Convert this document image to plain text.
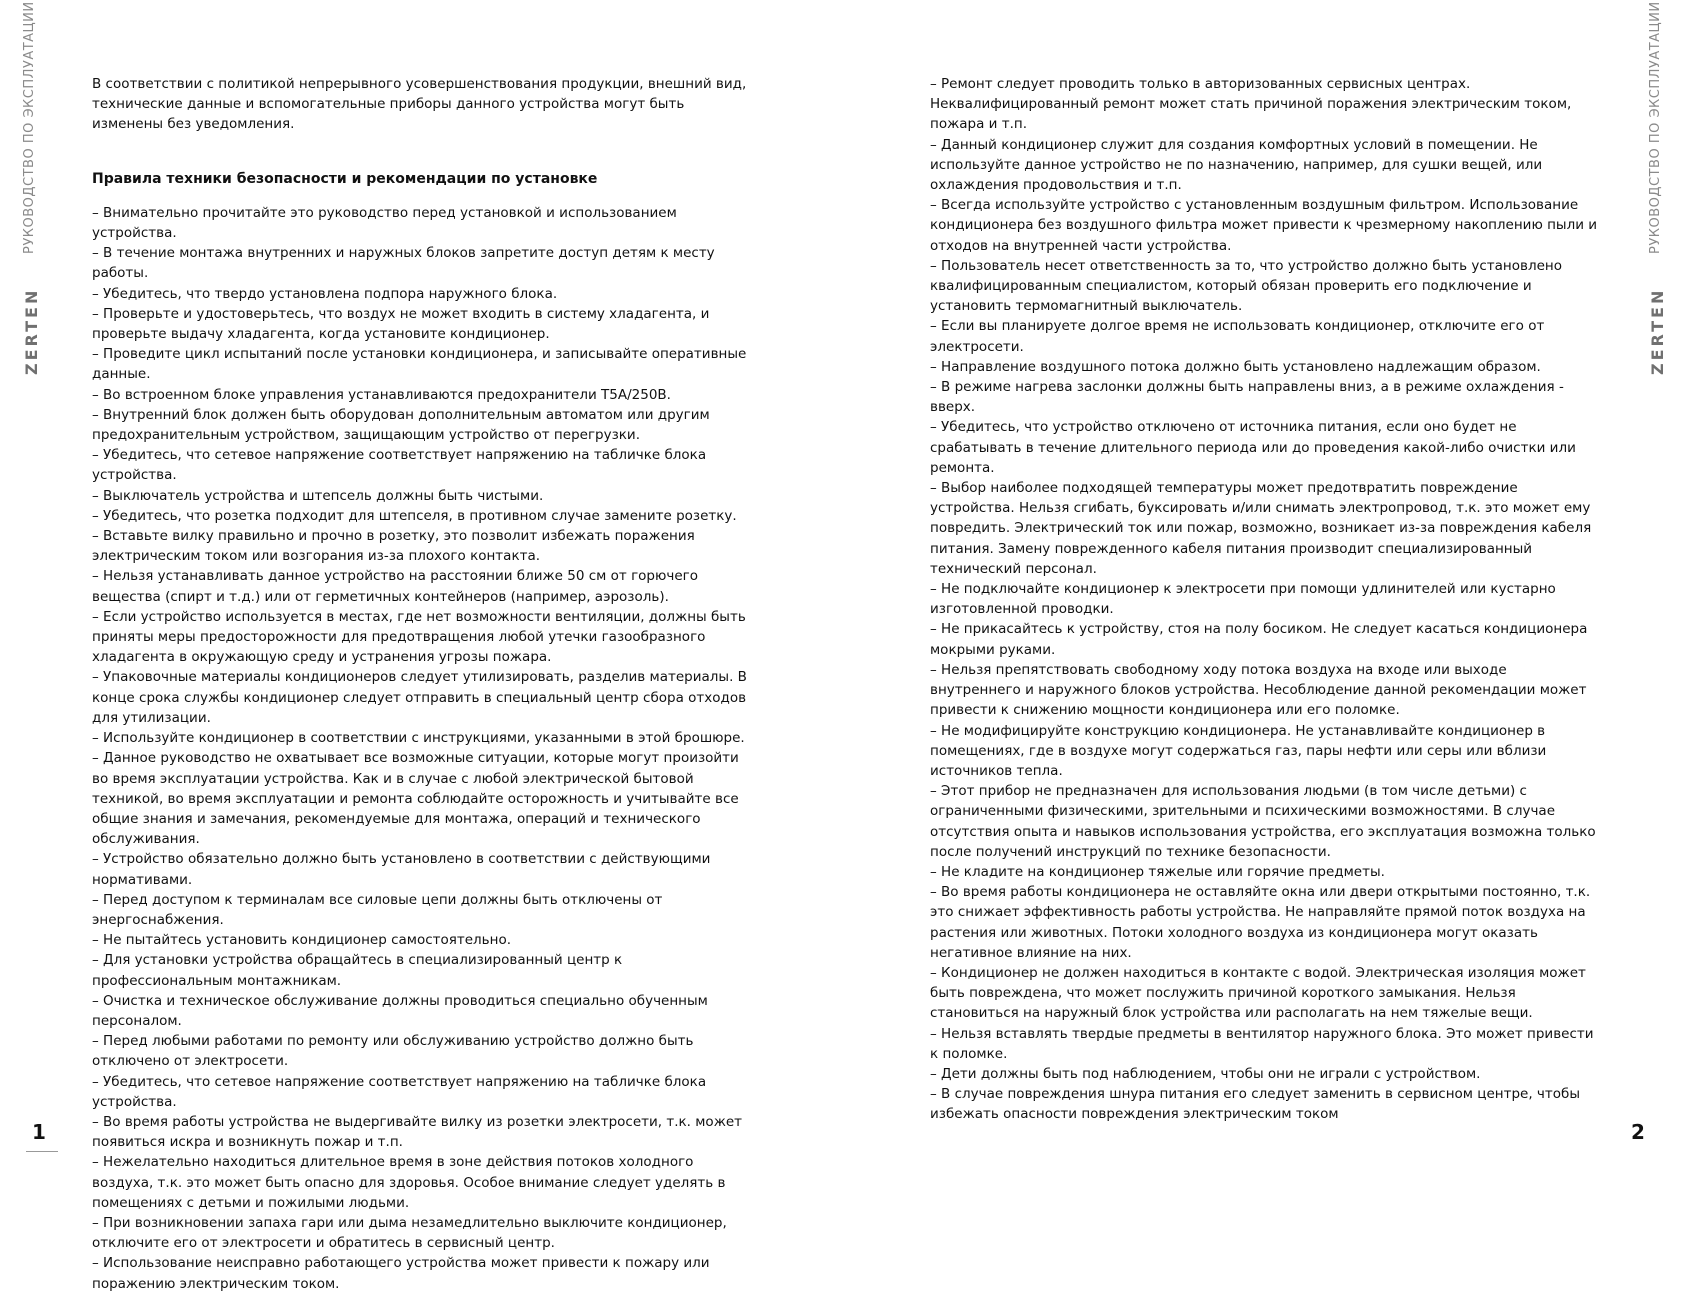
РУКОВОДСТВО ПО ЭКСПЛУАТАЦИИ
ZERTEN
РУКОВОДСТВО ПО ЭКСПЛУАТАЦИИ
ZERTEN

В соответствии с политикой непрерывного усовершенствования продукции, внешний вид, технические данные и вспомогательные приборы данного устройства могут быть изменены без уведомления.

Правила техники безопасности и рекомендации по установке

– Внимательно прочитайте это руководство перед установкой и использованием устройства.

– В течение монтажа внутренних и наружных блоков запретите доступ детям к месту работы.

– Убедитесь, что твердо установлена подпора наружного блока.

– Проверьте и удостоверьтесь, что воздух не может входить в систему хладагента, и проверьте выдачу хладагента, когда установите кондиционер.

– Проведите цикл испытаний после установки кондиционера, и записывайте оперативные данные.

– Во встроенном блоке управления устанавливаются предохранители T5A/250В.

– Внутренний блок должен быть оборудован дополнительным автоматом или другим предохранительным устройством, защищающим устройство от перегрузки.

– Убедитесь, что сетевое напряжение соответствует напряжению на табличке блока устройства.

– Выключатель устройства и штепсель должны быть чистыми.

– Убедитесь, что розетка подходит для штепселя, в противном случае замените розетку.

– Вставьте вилку правильно и прочно в розетку, это позволит избежать поражения электрическим током или возгорания из-за плохого контакта.

– Нельзя устанавливать данное устройство на расстоянии ближе 50 см от горючего вещества (спирт и т.д.) или от герметичных контейнеров (например, аэрозоль).

– Если устройство используется в местах, где нет возможности вентиляции, должны быть приняты меры предосторожности для предотвращения любой утечки газообразного хладагента в окружающую среду и устранения угрозы пожара.

– Упаковочные материалы кондиционеров следует утилизировать, разделив материалы. В конце срока службы кондиционер следует отправить в специальный центр сбора отходов для утилизации.

– Используйте кондиционер в соответствии с инструкциями, указанными в этой брошюре.

– Данное руководство не охватывает все возможные ситуации, которые могут произойти во время эксплуатации устройства. Как и в случае с любой электрической бытовой техникой, во время эксплуатации и ремонта соблюдайте осторожность и учитывайте все общие знания и замечания, рекомендуемые для монтажа, операций и технического обслуживания.

– Устройство обязательно должно быть установлено в соответствии с действующими нормативами.

– Перед доступом к терминалам все силовые цепи должны быть отключены от энергоснабжения.

– Не пытайтесь установить кондиционер самостоятельно.

– Для установки устройства обращайтесь в специализированный центр к профессиональным монтажникам.

– Очистка и техническое обслуживание должны проводиться специально обученным персоналом.

– Перед любыми работами по ремонту или обслуживанию устройство должно быть отключено от электросети.

– Убедитесь, что сетевое напряжение соответствует напряжению на табличке блока устройства.

– Во время работы устройства не выдергивайте вилку из розетки электросети, т.к. может появиться искра и возникнуть пожар и т.п.

– Нежелательно находиться длительное время в зоне действия потоков холодного воздуха, т.к. это может быть опасно для здоровья. Особое внимание следует уделять в помещениях с детьми и пожилыми людьми.

– При возникновении запаха гари или дыма незамедлительно выключите кондиционер, отключите его от электросети и обратитесь в сервисный центр.

– Использование неисправно работающего устройства может привести к пожару или поражению электрическим током.

– Ремонт следует проводить только в авторизованных сервисных центрах. Неквалифицированный ремонт может стать причиной поражения электрическим током, пожара и т.п.

– Данный кондиционер служит для создания комфортных условий в помещении. Не используйте данное устройство не по назначению, например, для сушки вещей, или охлаждения продовольствия и т.п.

– Всегда используйте устройство с установленным воздушным фильтром. Использование кондиционера без воздушного фильтра может привести к чрезмерному накоплению пыли и отходов на внутренней части устройства.

– Пользователь несет ответственность за то, что устройство должно быть установлено квалифицированным специалистом, который обязан проверить его подключение и установить термомагнитный выключатель.

– Если вы планируете долгое время не использовать кондиционер, отключите его от электросети.

– Направление воздушного потока должно быть установлено надлежащим образом.

– В режиме нагрева заслонки должны быть направлены вниз, а в режиме охлаждения - вверх.

– Убедитесь, что устройство отключено от источника питания, если оно будет не срабатывать в течение длительного периода или до проведения какой-либо очистки или ремонта.

– Выбор наиболее подходящей температуры может предотвратить повреждение устройства. Нельзя сгибать, буксировать и/или снимать электропровод, т.к. это может ему повредить. Электрический ток или пожар, возможно, возникает из-за повреждения кабеля питания. Замену поврежденного кабеля питания производит специализированный технический персонал.

– Не подключайте кондиционер к электросети при помощи удлинителей или кустарно изготовленной проводки.

– Не прикасайтесь к устройству, стоя на полу босиком. Не следует касаться кондиционера мокрыми руками.

– Нельзя препятствовать свободному ходу потока воздуха на входе или выходе внутреннего и наружного блоков устройства. Несоблюдение данной рекомендации может привести к снижению мощности кондиционера или его поломке.

– Не модифицируйте конструкцию кондиционера. Не устанавливайте кондиционер в помещениях, где в воздухе могут содержаться газ, пары нефти или серы или вблизи источников тепла.

– Этот прибор не предназначен для использования людьми (в том числе детьми) с ограниченными физическими, зрительными и психическими возможностями. В случае отсутствия опыта и навыков использования устройства, его эксплуатация возможна только после получений инструкций по технике безопасности.

– Не кладите на кондиционер тяжелые или горячие предметы.

– Во время работы кондиционера не оставляйте окна или двери открытыми постоянно, т.к. это снижает эффективность работы устройства. Не направляйте прямой поток воздуха на растения или животных. Потоки холодного воздуха из кондиционера могут оказать негативное влияние на них.

– Кондиционер не должен находиться в контакте с водой. Электрическая изоляция может быть повреждена, что может послужить причиной короткого замыкания. Нельзя становиться на наружный блок устройства или располагать на нем тяжелые вещи.

– Нельзя вставлять твердые предметы в вентилятор наружного блока. Это может привести к поломке.

– Дети должны быть под наблюдением, чтобы они не играли с устройством.

– В случае повреждения шнура питания его следует заменить в сервисном центре, чтобы избежать опасности повреждения электрическим током

1	2
